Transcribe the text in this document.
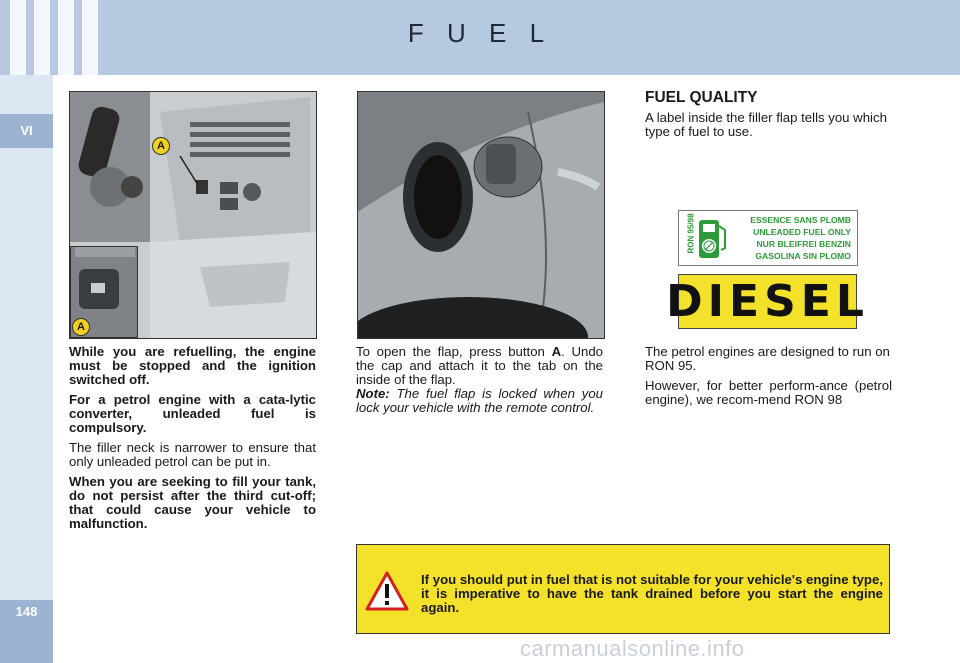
F U E L
VI
148
A
A

While you are refuelling, the engine must be stopped and the ignition switched off.

For a petrol engine with a cata-lytic converter, unleaded fuel is compulsory.

The filler neck is narrower to ensure that only unleaded petrol can be put in.

When you are seeking to fill your tank, do not persist after the third cut-off; that could cause your vehicle to malfunction.

To open the flap, press button A. Undo the cap and attach it to the tab on the inside of the flap.

Note: The fuel flap is locked when you lock your vehicle with the remote control.

FUEL QUALITY

A label inside the filler flap tells you which type of fuel to use.

RON 95/98	ESSENCE SANS PLOMB
UNLEADED FUEL ONLY
NUR BLEIFREI BENZIN
GASOLINA SIN PLOMO
DIESEL

The petrol engines are designed to run on RON 95.

However, for better perform-ance (petrol engine), we recom-mend RON 98

If you should put in fuel that is not suitable for your vehicle's engine type, it is imperative to have the tank drained before you start the engine again.
carmanualsonline.info
